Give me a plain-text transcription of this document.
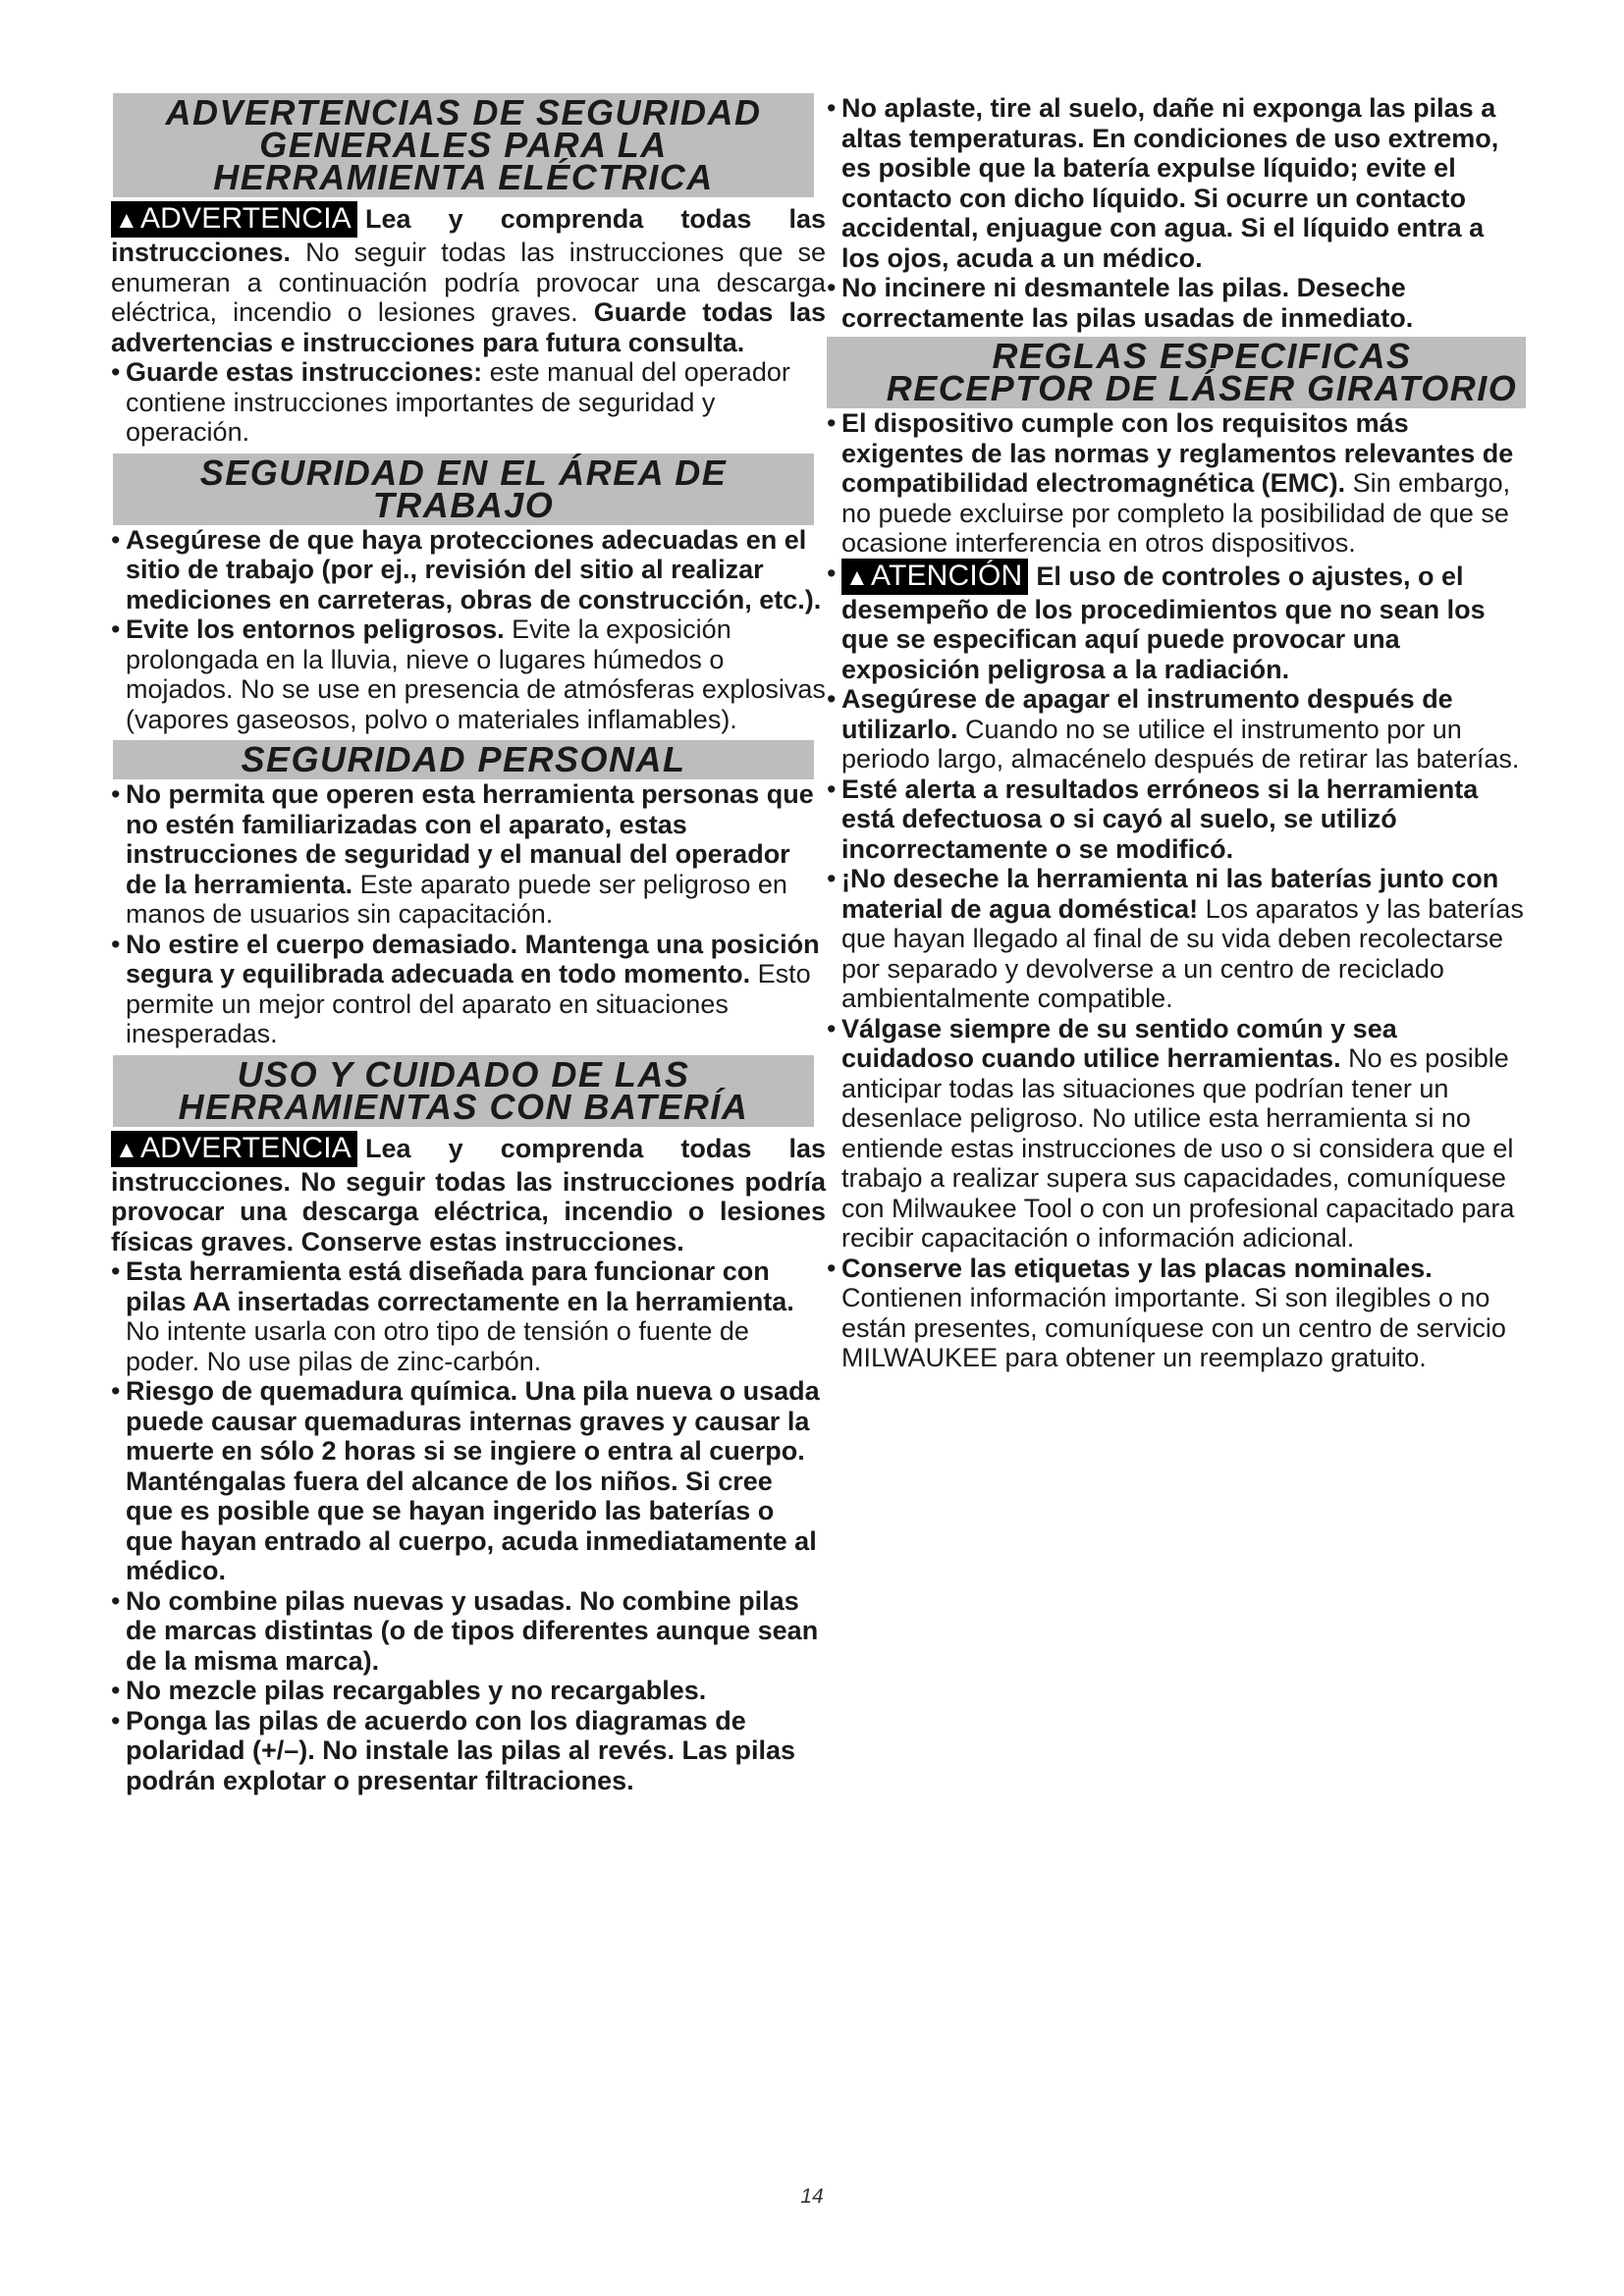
ADVERTENCIAS DE SEGURIDAD GENERALES PARA LA HERRAMIENTA ELÉCTRICA

▲ADVERTENCIA Lea y comprenda todas las instrucciones. No seguir todas las instrucciones que se enumeran a continuación podría provocar una descarga eléctrica, incendio o lesiones graves. Guarde todas las advertencias e instrucciones para futura consulta.

• Guarde estas instrucciones: este manual del operador contiene instrucciones importantes de seguridad y operación.
SEGURIDAD EN EL ÁREA DE TRABAJO
• Asegúrese de que haya protecciones adecuadas en el sitio de trabajo (por ej., revisión del sitio al realizar mediciones en carreteras, obras de construcción, etc.).
• Evite los entornos peligrosos. Evite la exposición prolongada en la lluvia, nieve o lugares húmedos o mojados. No se use en presencia de atmósferas explosivas (vapores gaseosos, polvo o materiales inflamables).
SEGURIDAD PERSONAL
• No permita que operen esta herramienta personas que no estén familiarizadas con el aparato, estas instrucciones de seguridad y el manual del operador de la herramienta. Este aparato puede ser peligroso en manos de usuarios sin capacitación.
• No estire el cuerpo demasiado. Mantenga una posición segura y equilibrada adecuada en todo momento. Esto permite un mejor control del aparato en situaciones inesperadas.
USO Y CUIDADO DE LAS HERRAMIENTAS CON BATERÍA

▲ADVERTENCIA Lea y comprenda todas las instrucciones. No seguir todas las instrucciones podría provocar una descarga eléctrica, incendio o lesiones físicas graves. Conserve estas instrucciones.

• Esta herramienta está diseñada para funcionar con pilas AA insertadas correctamente en la herramienta. No intente usarla con otro tipo de tensión o fuente de poder. No use pilas de zinc-carbón.
• Riesgo de quemadura química. Una pila nueva o usada puede causar quemaduras internas graves y causar la muerte en sólo 2 horas si se ingiere o entra al cuerpo. Manténgalas fuera del alcance de los niños. Si cree que es posible que se hayan ingerido las baterías o que hayan entrado al cuerpo, acuda inmediatamente al médico.
• No combine pilas nuevas y usadas. No combine pilas de marcas distintas (o de tipos diferentes aunque sean de la misma marca).
• No mezcle pilas recargables y no recargables.
• Ponga las pilas de acuerdo con los diagramas de polaridad (+/–). No instale las pilas al revés. Las pilas podrán explotar o presentar filtraciones.
• No aplaste, tire al suelo, dañe ni exponga las pilas a altas temperaturas. En condiciones de uso extremo, es posible que la batería expulse líquido; evite el contacto con dicho líquido. Si ocurre un contacto accidental, enjuague con agua. Si el líquido entra a los ojos, acuda a un médico.
• No incinere ni desmantele las pilas. Deseche correctamente las pilas usadas de inmediato.
REGLAS ESPECIFICAS RECEPTOR DE LÁSER GIRATORIO
• El dispositivo cumple con los requisitos más exigentes de las normas y reglamentos relevantes de compatibilidad electromagnética (EMC). Sin embargo, no puede excluirse por completo la posibilidad de que se ocasione interferencia en otros dispositivos.
• ▲ATENCIÓN El uso de controles o ajustes, o el desempeño de los procedimientos que no sean los que se especifican aquí puede provocar una exposición peligrosa a la radiación.
• Asegúrese de apagar el instrumento después de utilizarlo. Cuando no se utilice el instrumento por un periodo largo, almacénelo después de retirar las baterías.
• Esté alerta a resultados erróneos si la herramienta está defectuosa o si cayó al suelo, se utilizó incorrectamente o se modificó.
• ¡No deseche la herramienta ni las baterías junto con material de agua doméstica! Los aparatos y las baterías que hayan llegado al final de su vida deben recolectarse por separado y devolverse a un centro de reciclado ambientalmente compatible.
• Válgase siempre de su sentido común y sea cuidadoso cuando utilice herramientas. No es posible anticipar todas las situaciones que podrían tener un desenlace peligroso. No utilice esta herramienta si no entiende estas instrucciones de uso o si considera que el trabajo a realizar supera sus capacidades, comuníquese con Milwaukee Tool o con un profesional capacitado para recibir capacitación o información adicional.
• Conserve las etiquetas y las placas nominales. Contienen información importante. Si son ilegibles o no están presentes, comuníquese con un centro de servicio MILWAUKEE para obtener un reemplazo gratuito.
14
